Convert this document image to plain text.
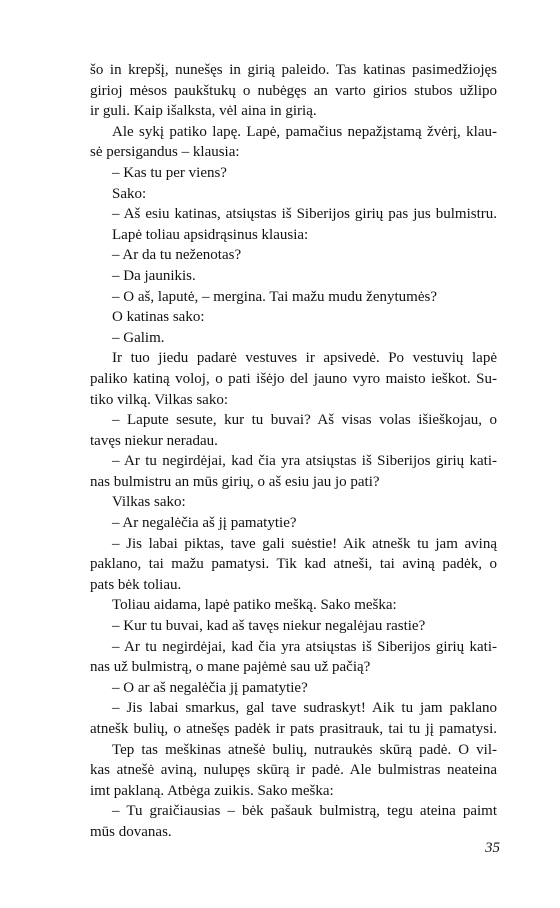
šo in krepšį, nunešęs in girią paleido. Tas katinas pasimedžiojęs
girioj mėsos paukštukų o nubėgęs an varto girios stubos užlipo
ir guli. Kaip išalksta, vėl aina in girią.
Ale sykį patiko lapę. Lapė, pamačius nepažįstamą žvėrį, klau-
sė persigandus – klausia:
– Kas tu per viens?
Sako:
– Aš esiu katinas, atsiųstas iš Siberijos girių pas jus bulmistru.
Lapė toliau apsidrąsinus klausia:
– Ar da tu neženotas?
– Da jaunikis.
– O aš, laputė, – mergina. Tai mažu mudu ženytumės?
O katinas sako:
– Galim.
Ir tuo jiedu padarė vestuves ir apsivedė. Po vestuvių lapė
paliko katiną voloj, o pati išėjo del jauno vyro maisto ieškot. Su-
tiko vilką. Vilkas sako:
– Lapute sesute, kur tu buvai? Aš visas volas išieškojau, o
tavęs niekur neradau.
– Ar tu negirdėjai, kad čia yra atsiųstas iš Siberijos girių kati-
nas bulmistru an mūs girių, o aš esiu jau jo pati?
Vilkas sako:
– Ar negalėčia aš jį pamatytie?
– Jis labai piktas, tave gali suėstie! Aik atnešk tu jam aviną
paklano, tai mažu pamatysi. Tik kad atneši, tai aviną padėk, o
pats bėk toliau.
Toliau aidama, lapė patiko mešką. Sako meška:
– Kur tu buvai, kad aš tavęs niekur negalėjau rastie?
– Ar tu negirdėjai, kad čia yra atsiųstas iš Siberijos girių kati-
nas už bulmistrą, o mane pajėmė sau už pačią?
– O ar aš negalėčia jį pamatytie?
– Jis labai smarkus, gal tave sudraskyt! Aik tu jam paklano
atnešk bulių, o atnešęs padėk ir pats prasitrauk, tai tu jį pamatysi.
Tep tas meškinas atnešė bulių, nutraukės skūrą padė. O vil-
kas atnešė aviną, nulupęs skūrą ir padė. Ale bulmistras neateina
imt paklaną. Atbėga zuikis. Sako meška:
– Tu graičiausias – bėk pašauk bulmistrą, tegu ateina paimt
mūs dovanas.
35
